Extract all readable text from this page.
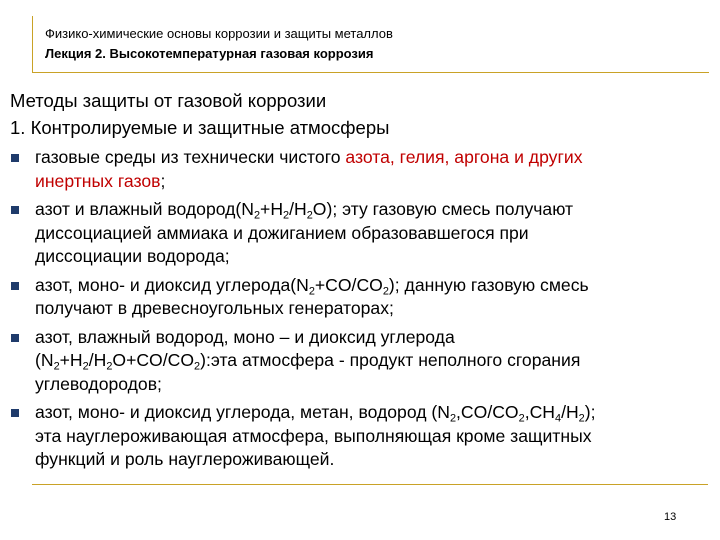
Физико-химические основы коррозии и защиты металлов
Лекция 2. Высокотемпературная газовая коррозия
Методы защиты от газовой коррозии
1. Контролируемые и защитные атмосферы
газовые среды из технически чистого азота, гелия, аргона и других
инертных газов;
азот и влажный $водород(N_2+H_2/H_2O)$; эту газовую смесь получают
диссоциацией аммиака и дожиганием образовавшегося при
диссоциации водорода;
азот, моно- и диоксид $углерода(N_2+CO/CO_2)$; данную газовую смесь
получают в древесноугольных генераторах;
азот, влажный водород, моно – и диоксид углерода
$(N_2+H_2/H_2O+CO/CO_2):эта$ атмосфера - продукт неполного сгорания
углеводородов;
азот, моно- и диоксид углерода, метан, водород $(N_2,CO/CO_2,CH_4/H_2)$;
эта науглероживающая атмосфера, выполняющая кроме защитных
функций и роль науглероживающей.
13
